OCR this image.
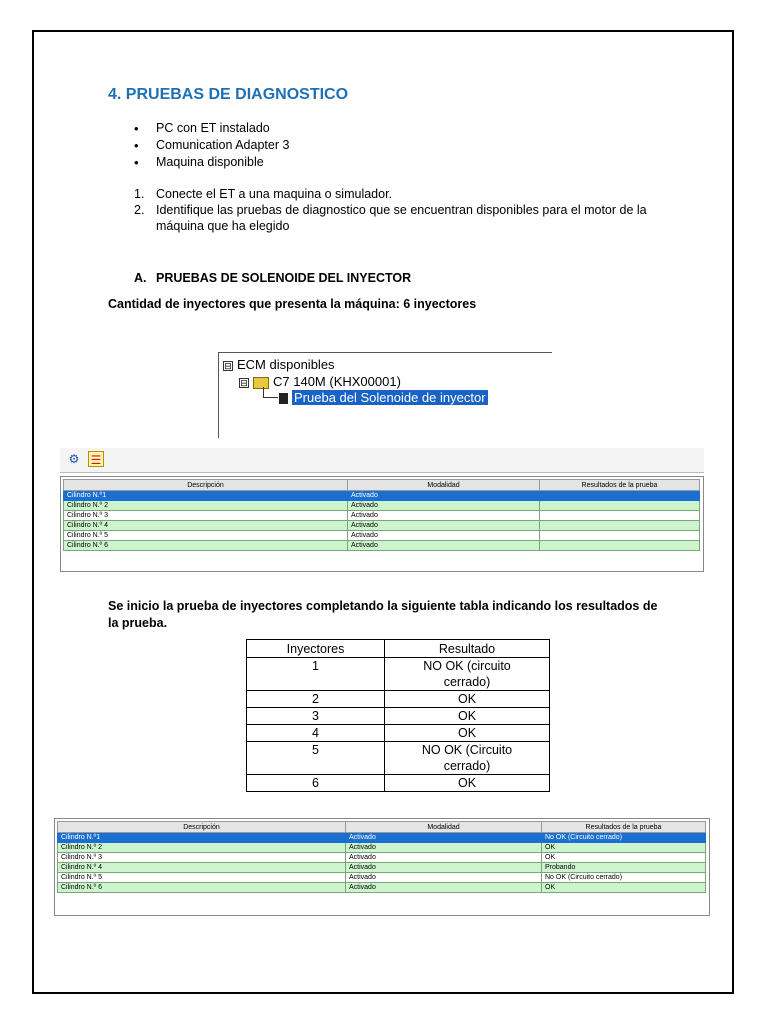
4. PRUEBAS DE DIAGNOSTICO
• PC con ET instalado
• Comunication Adapter 3
• Maquina disponible
1. Conecte el ET a una maquina o simulador.
2. Identifique las pruebas de diagnostico que se encuentran disponibles para el motor de la máquina que ha elegido
A. PRUEBAS DE SOLENOIDE DEL INYECTOR
Cantidad de inyectores que presenta la máquina: 6 inyectores
⊟ ECM disponibles
⊟ C7 140M (KHX00001)
Prueba del Solenoide de inyector
⚙ ☰
Descripción	Modalidad	Resultados de la prueba
Cilindro N.º1	Activado	
Cilindro N.º 2	Activado	
Cilindro N.º 3	Activado	
Cilindro N.º 4	Activado	
Cilindro N.º 5	Activado	
Cilindro N.º 6	Activado	
Se inicio la prueba de inyectores completando la siguiente tabla indicando los resultados de la prueba.
Inyectores	Resultado
1	NO OK (circuito cerrado)
2	OK
3	OK
4	OK
5	NO OK (Circuito cerrado)
6	OK
Descripción	Modalidad	Resultados de la prueba
Cilindro N.º1	Activado	No OK (Circuito cerrado)
Cilindro N.º 2	Activado	OK
Cilindro N.º 3	Activado	OK
Cilindro N.º 4	Activado	Probando
Cilindro N.º 5	Activado	No OK (Circuito cerrado)
Cilindro N.º 6	Activado	OK
